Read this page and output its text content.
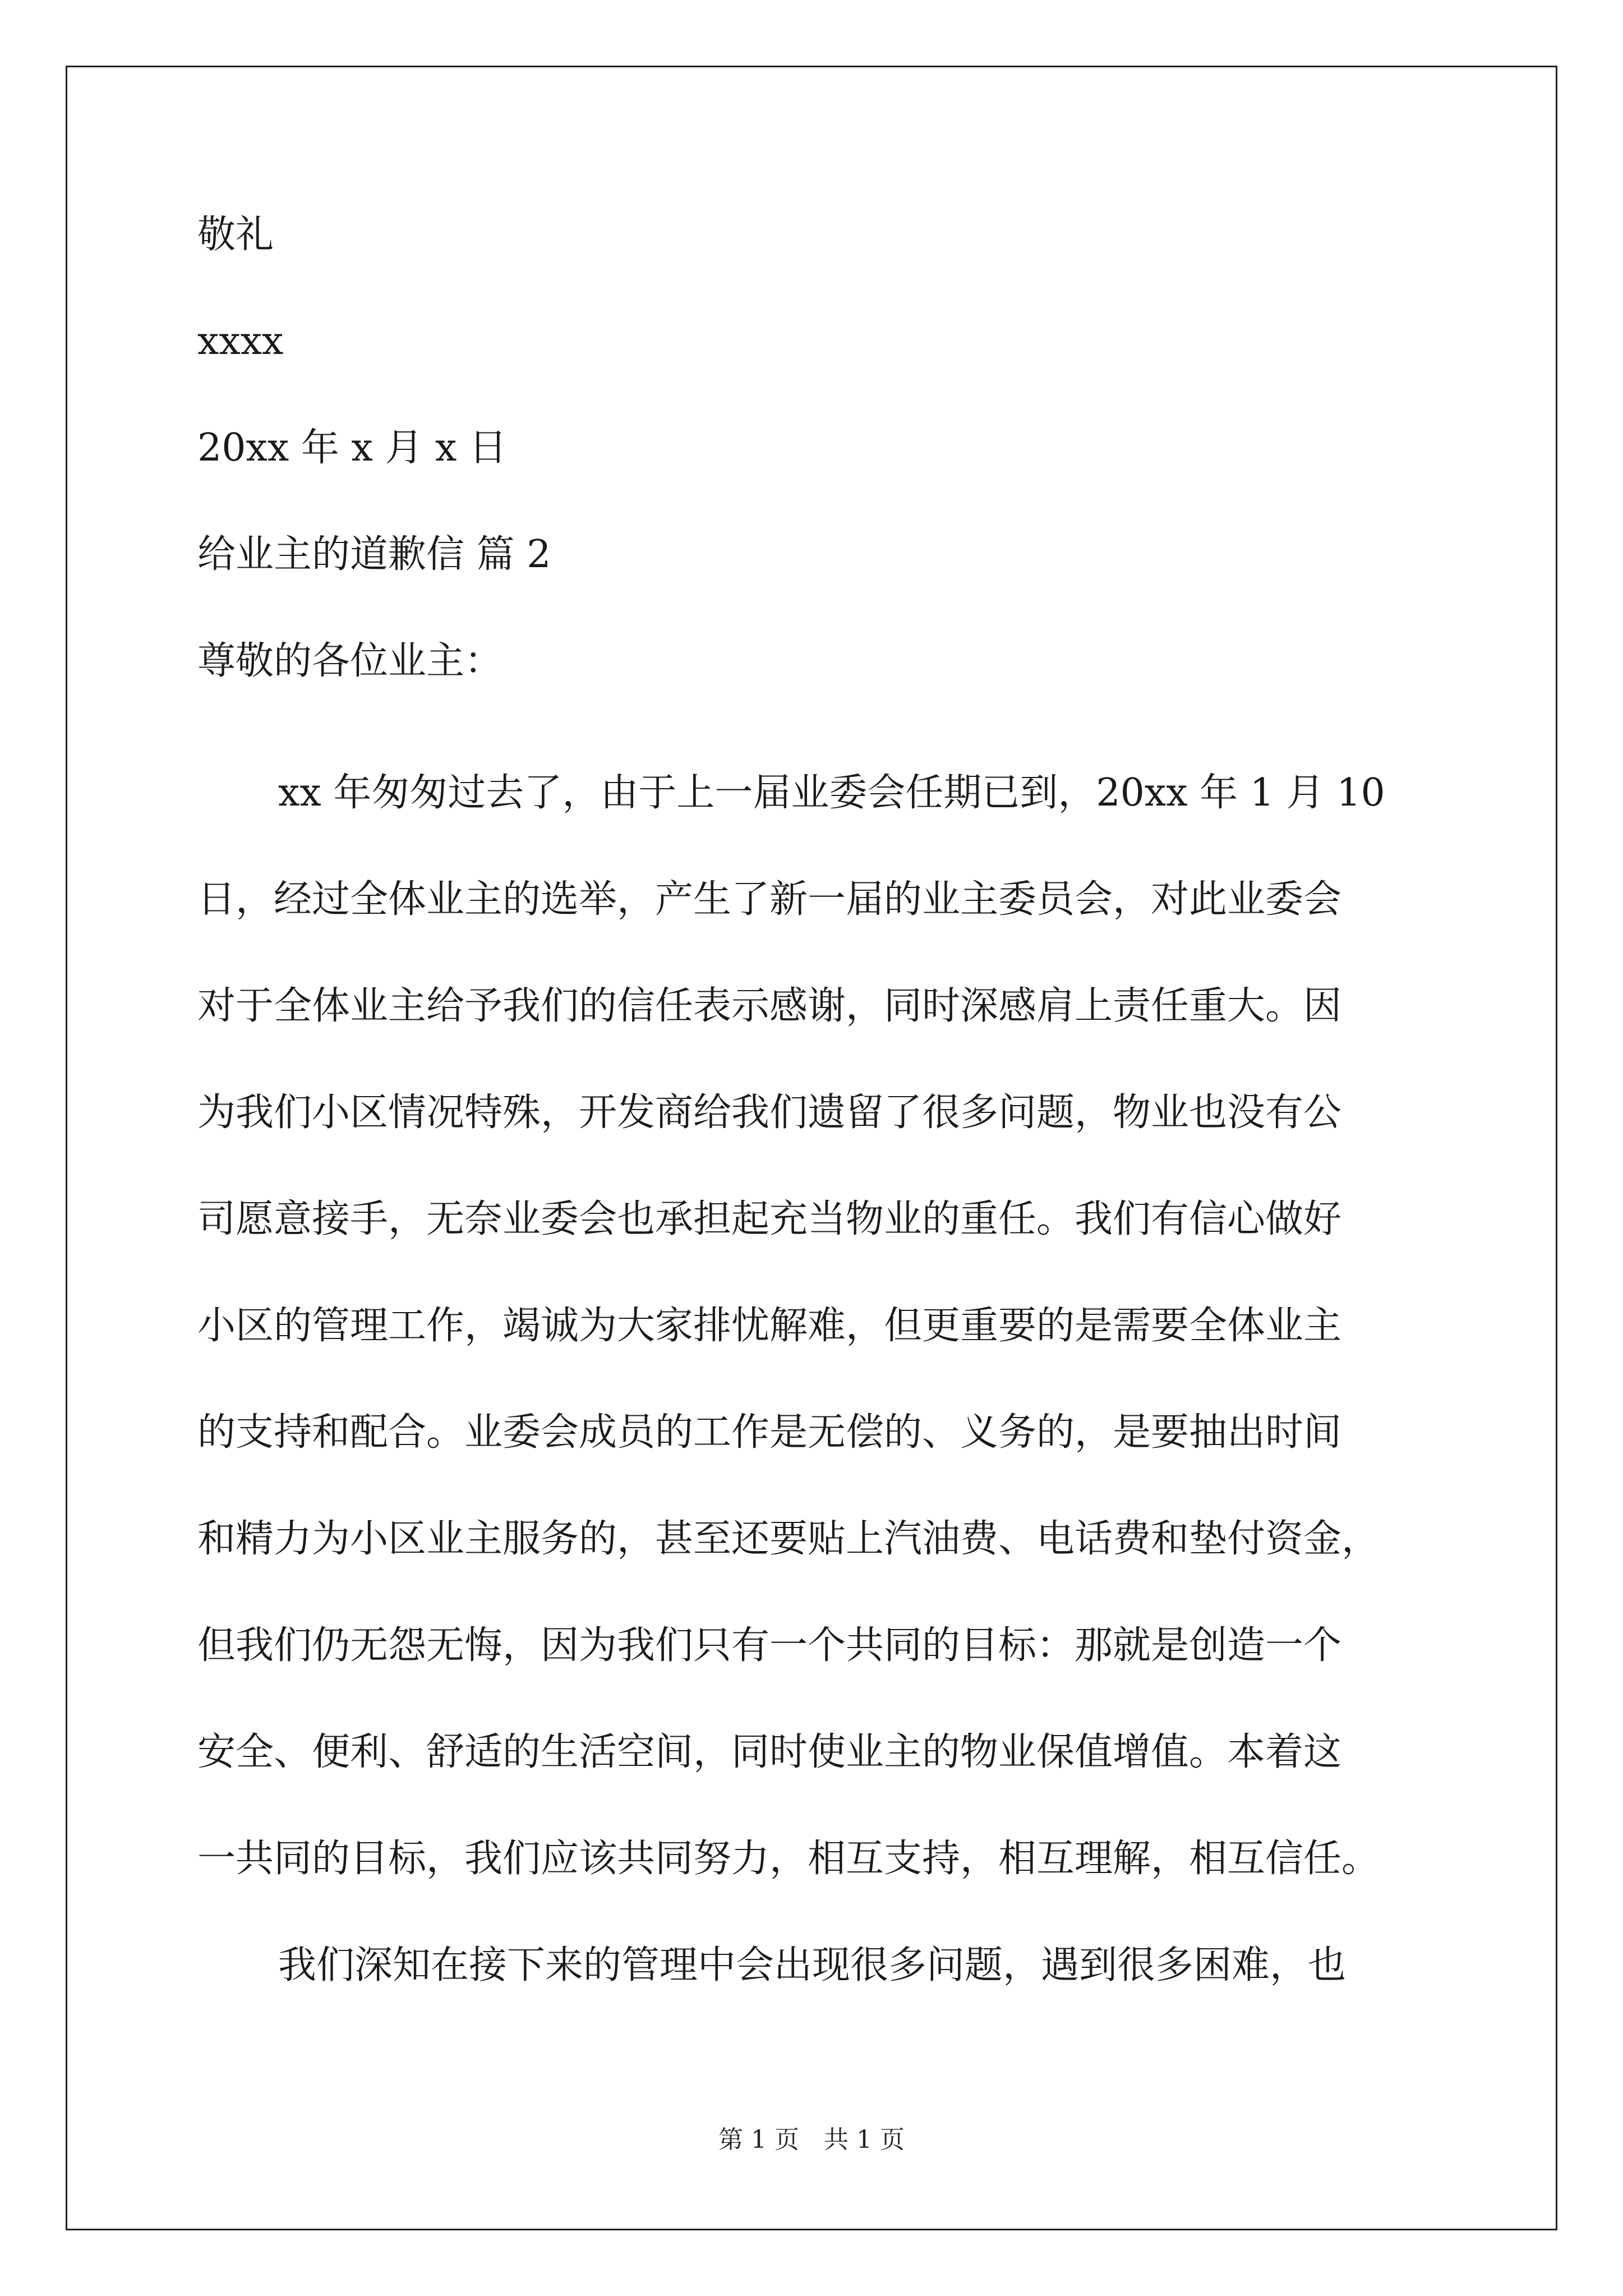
敬礼
xxxx
20xx 年 x 月 x 日
给业主的道歉信 篇 2
尊敬的各位业主：
xx 年匆匆过去了，由于上一届业委会任期已到，20xx 年 1 月 10
日，经过全体业主的选举，产生了新一届的业主委员会，对此业委会
对于全体业主给予我们的信任表示感谢，同时深感肩上责任重大。因
为我们小区情况特殊，开发商给我们遗留了很多问题，物业也没有公
司愿意接手，无奈业委会也承担起充当物业的重任。我们有信心做好
小区的管理工作，竭诚为大家排忧解难，但更重要的是需要全体业主
的支持和配合。业委会成员的工作是无偿的、义务的，是要抽出时间
和精力为小区业主服务的，甚至还要贴上汽油费、电话费和垫付资金，
但我们仍无怨无悔，因为我们只有一个共同的目标：那就是创造一个
安全、便利、舒适的生活空间，同时使业主的物业保值增值。本着这
一共同的目标，我们应该共同努力，相互支持，相互理解，相互信任。
我们深知在接下来的管理中会出现很多问题，遇到很多困难，也
第 1 页　共 1 页
